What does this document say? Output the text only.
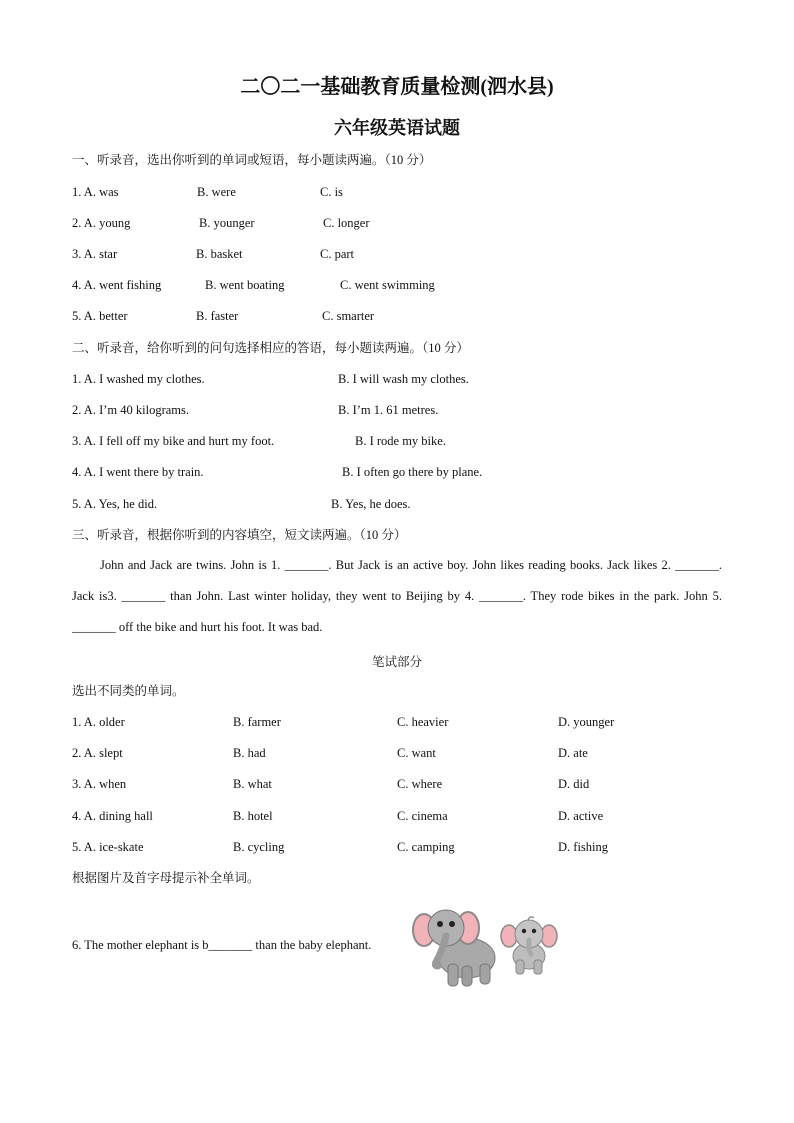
二〇二一基础教育质量检测(泗水县)
六年级英语试题
一、听录音，选出你听到的单词或短语，每小题读两遍。（10 分）
1. A. was	B. were	C. is
2. A. young	B. younger	C. longer
3. A. star	B. basket	C. part
4. A. went fishing	B. went boating	C. went swimming
5. A. better	B. faster	C. smarter
二、听录音，给你听到的问句选择相应的答语，每小题读两遍。（10 分）
1. A. I washed my clothes.	B. I will wash my clothes.
2. A. I’m 40 kilograms.	B. I’m 1. 61 metres.
3. A. I fell off my bike and hurt my foot.	B. I rode my bike.
4. A. I went there by train.	B. I often go there by plane.
5. A. Yes, he did.	B. Yes, he does.
三、听录音，根据你听到的内容填空，短文读两遍。（10 分）
John and Jack are twins. John is 1. _______. But Jack is an active boy. John likes reading books. Jack likes 2. _______. Jack is3. _______ than John. Last winter holiday, they went to Beijing by 4. _______. They rode bikes in the park. John 5. _______ off the bike and hurt his foot. It was bad.
笔试部分
选出不同类的单词。
1. A. older	B. farmer	C. heavier	D. younger
2. A. slept	B. had	C. want	D. ate
3. A. when	B. what	C. where	D. did
4. A. dining hall	B. hotel	C. cinema	D. active
5. A. ice-skate	B. cycling	C. camping	D. fishing
根据图片及首字母提示补全单词。
6. The mother elephant is b_______ than the baby elephant.
